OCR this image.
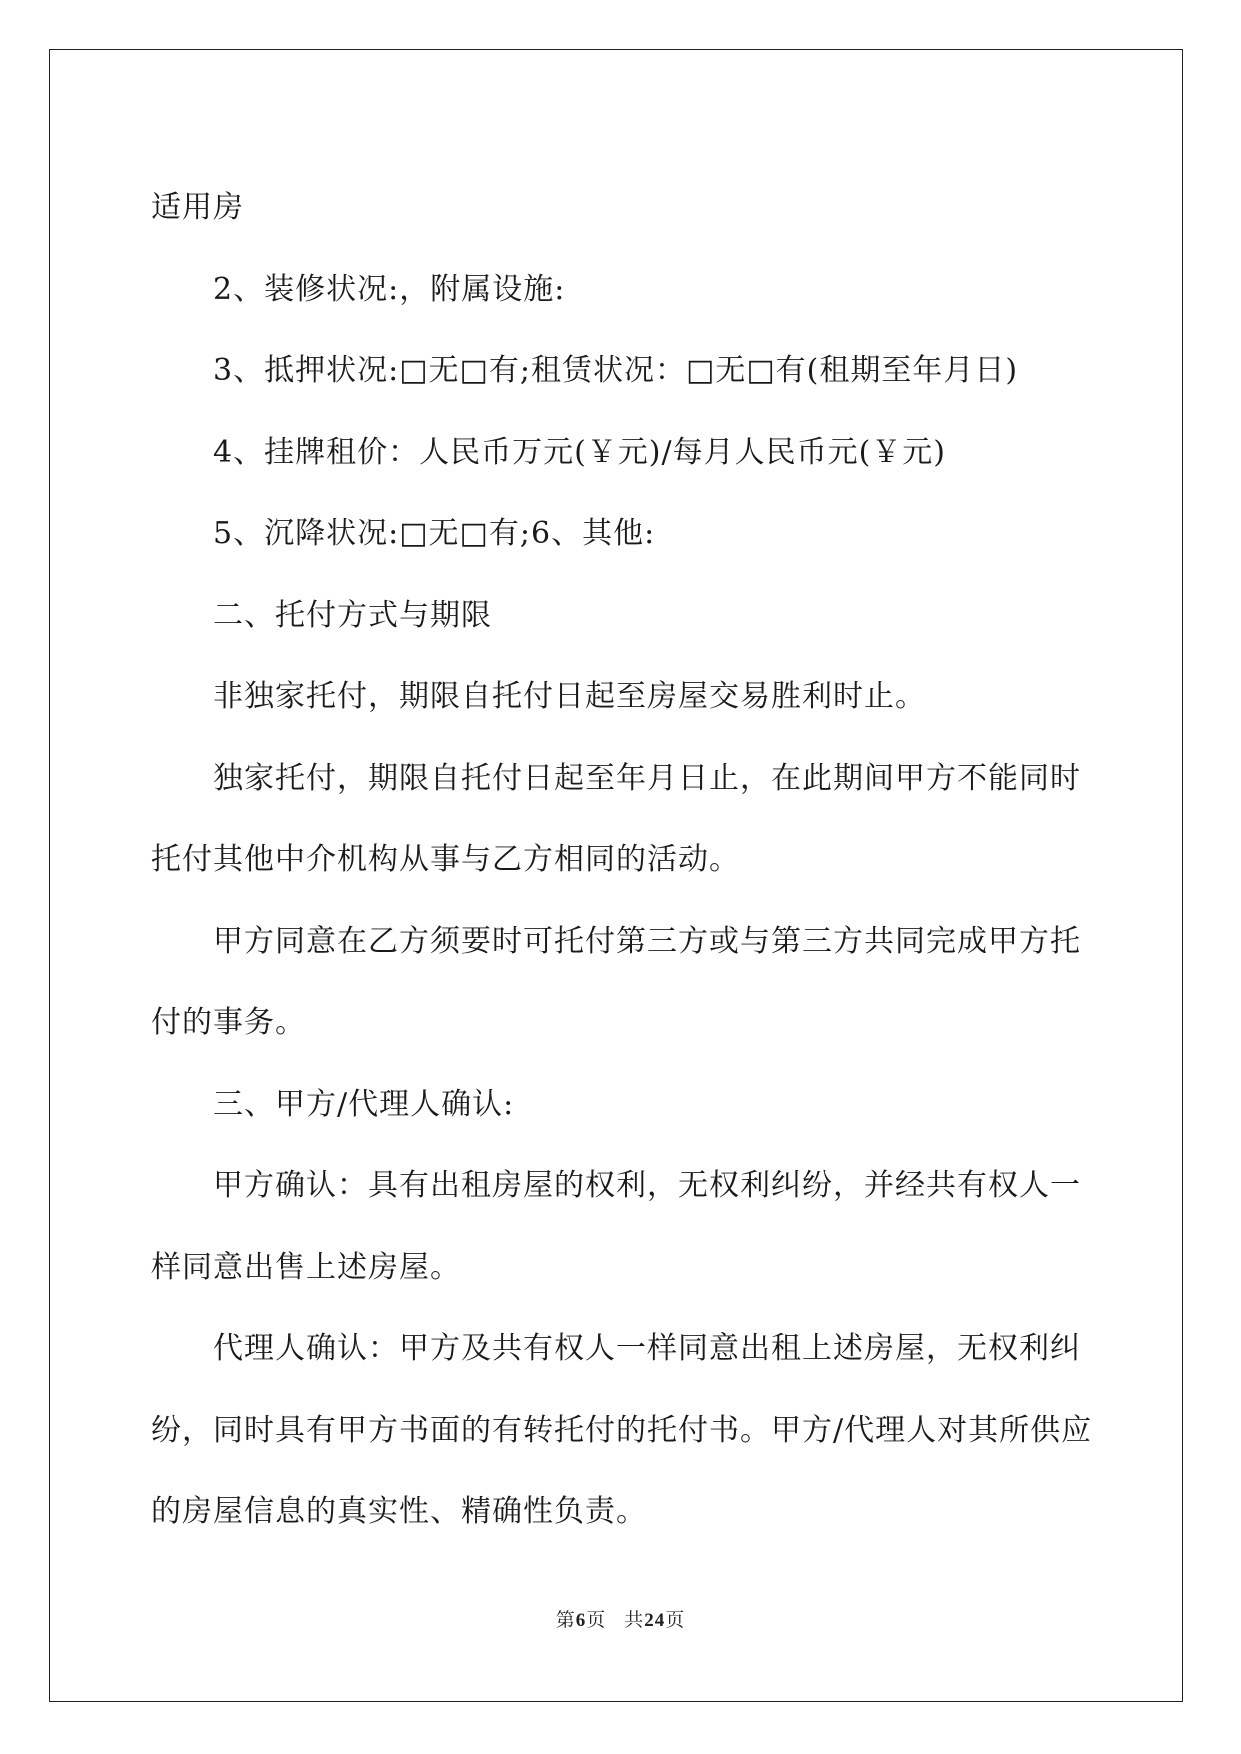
适用房
2、装修状况:，附属设施:
3、抵押状况:□无□有;租赁状况：□无□有(租期至年月日)
4、挂牌租价：人民币万元(￥元)/每月人民币元(￥元)
5、沉降状况:□无□有;6、其他:
二、托付方式与期限
非独家托付，期限自托付日起至房屋交易胜利时止。
独家托付，期限自托付日起至年月日止，在此期间甲方不能同时
托付其他中介机构从事与乙方相同的活动。
甲方同意在乙方须要时可托付第三方或与第三方共同完成甲方托
付的事务。
三、甲方/代理人确认:
甲方确认：具有出租房屋的权利，无权利纠纷，并经共有权人一
样同意出售上述房屋。
代理人确认：甲方及共有权人一样同意出租上述房屋，无权利纠
纷，同时具有甲方书面的有转托付的托付书。甲方/代理人对其所供应
的房屋信息的真实性、精确性负责。
第6页 共24页
